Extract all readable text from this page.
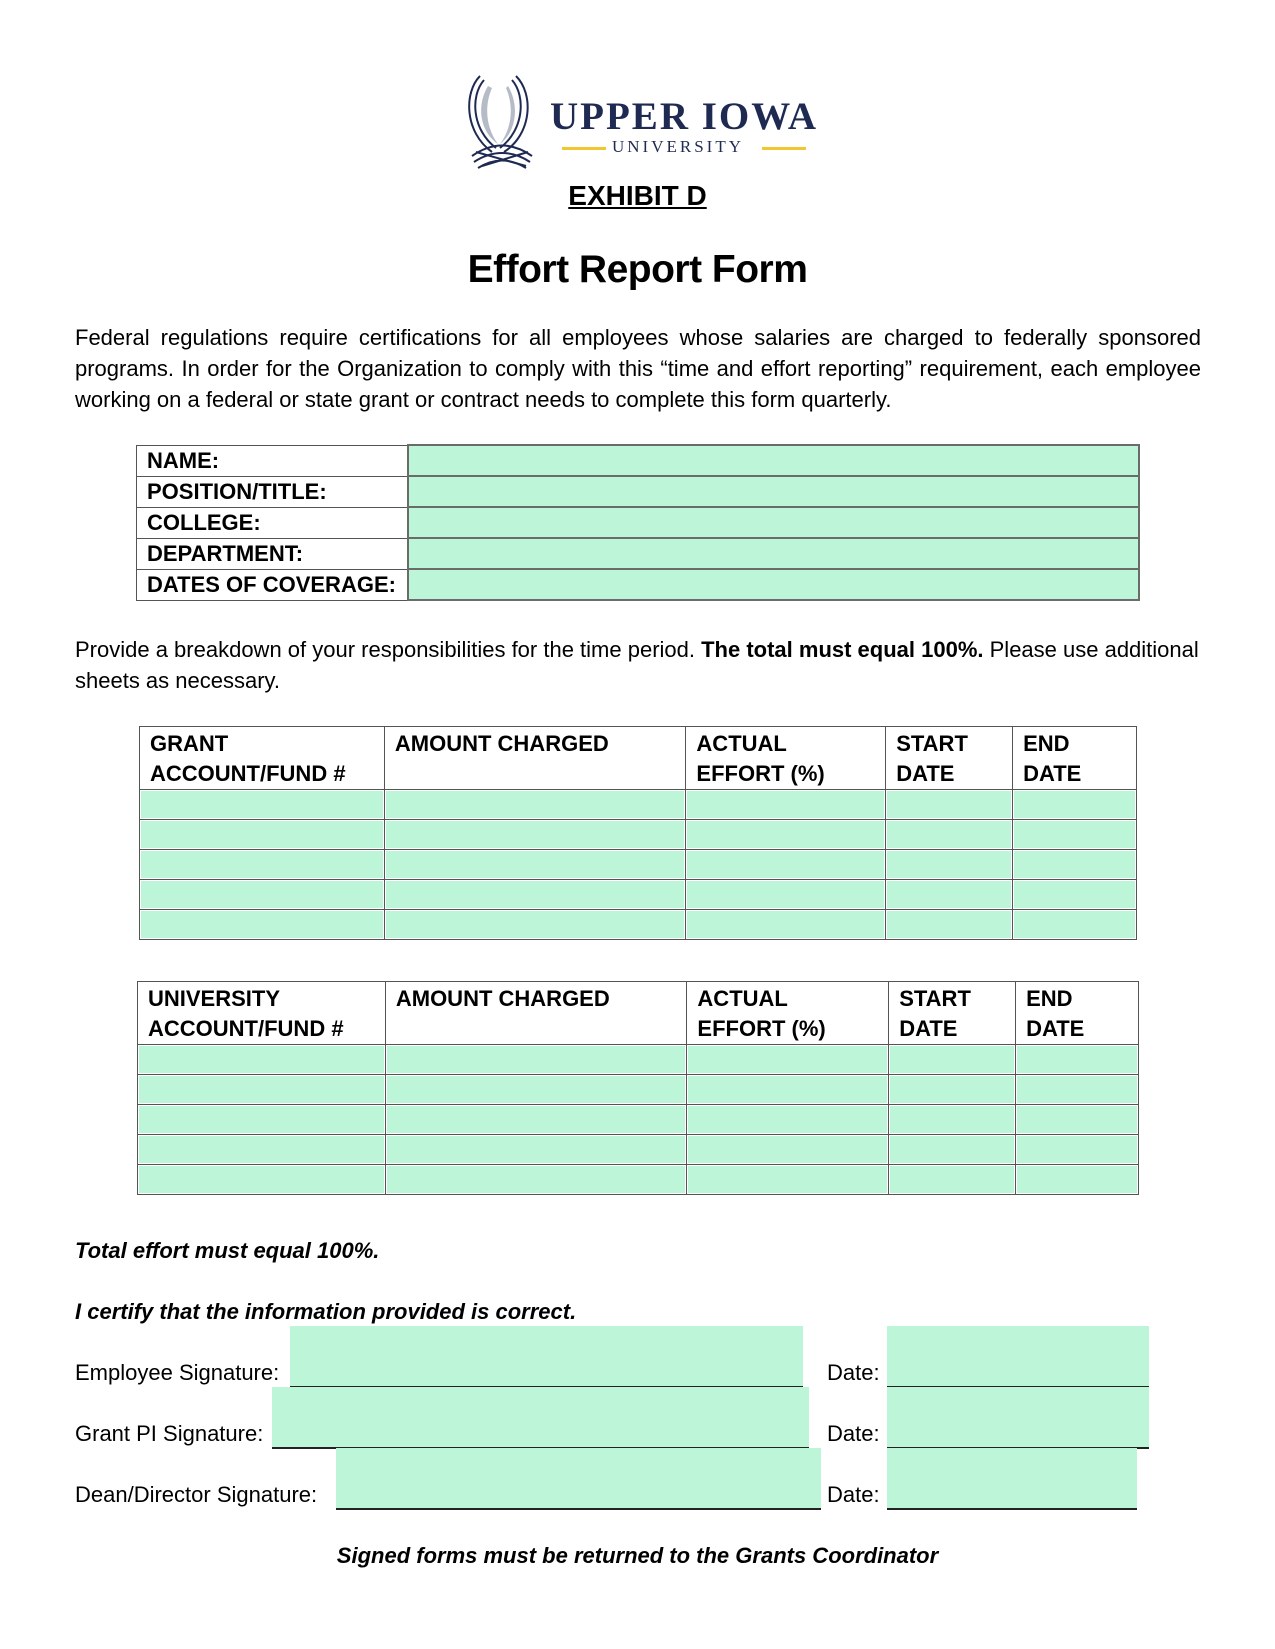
UPPER IOWA
UNIVERSITY
EXHIBIT D
Effort Report Form
Federal regulations require certifications for all employees whose salaries are charged to federally sponsored programs. In order for the Organization to comply with this “time and effort reporting” requirement, each employee working on a federal or state grant or contract needs to complete this form quarterly.
NAME:	
POSITION/TITLE:	
COLLEGE:	
DEPARTMENT:	
DATES OF COVERAGE:	
Provide a breakdown of your responsibilities for the time period. The total must equal 100%. Please use additional sheets as necessary.
GRANT ACCOUNT/FUND #	AMOUNT CHARGED	ACTUAL EFFORT (%)	START DATE	END DATE

UNIVERSITY ACCOUNT/FUND #	AMOUNT CHARGED	ACTUAL EFFORT (%)	START DATE	END DATE

Total effort must equal 100%.
I certify that the information provided is correct.
Employee Signature:	Date:
Grant PI Signature:	Date:
Dean/Director Signature:	Date:
Signed forms must be returned to the Grants Coordinator
